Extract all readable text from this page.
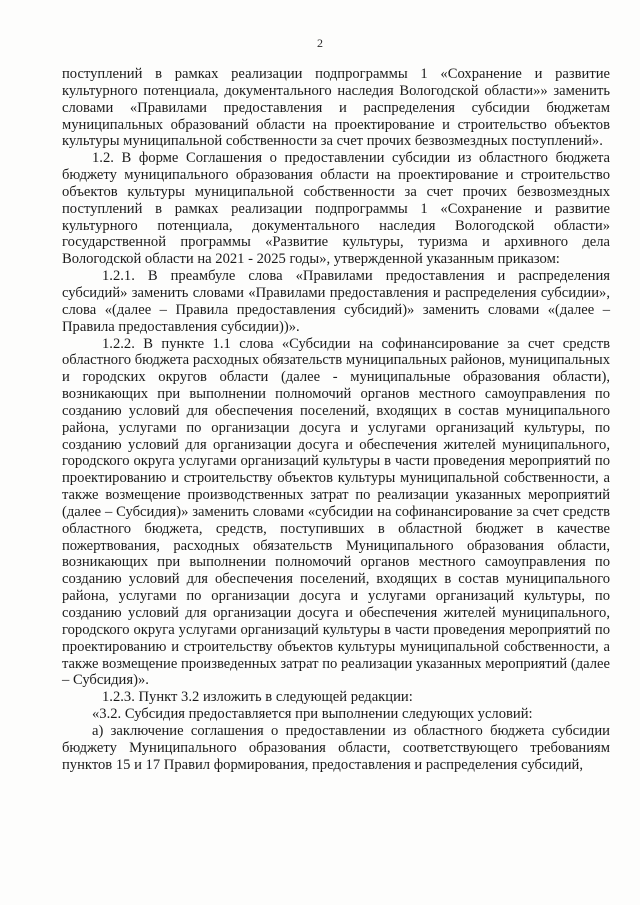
2

поступлений в рамках реализации подпрограммы 1 «Сохранение и развитие культурного потенциала, документального наследия Вологодской области»» заменить словами «Правилами предоставления и распределения субсидии бюджетам муниципальных образований области на проектирование и строительство объектов культуры муниципальной собственности за счет прочих безвозмездных поступлений».

1.2. В форме Соглашения о предоставлении субсидии из областного бюджета бюджету муниципального образования области на проектирование и строительство объектов культуры муниципальной собственности за счет прочих безвозмездных поступлений в рамках реализации подпрограммы 1 «Сохранение и развитие культурного потенциала, документального наследия Вологодской области» государственной программы «Развитие культуры, туризма и архивного дела Вологодской области на 2021 - 2025 годы», утвержденной указанным приказом:

1.2.1. В преамбуле слова «Правилами предоставления и распределения субсидий» заменить словами «Правилами предоставления и распределения субсидии», слова «(далее – Правила предоставления субсидий)» заменить словами «(далее – Правила предоставления субсидии))».

1.2.2. В пункте 1.1 слова «Субсидии на софинансирование за счет средств областного бюджета расходных обязательств муниципальных районов, муниципальных и городских округов области (далее - муниципальные образования области), возникающих при выполнении полномочий органов местного самоуправления по созданию условий для обеспечения поселений, входящих в состав муниципального района, услугами по организации досуга и услугами организаций культуры, по созданию условий для организации досуга и обеспечения жителей муниципального, городского округа услугами организаций культуры в части проведения мероприятий по проектированию и строительству объектов культуры муниципальной собственности, а также возмещение производственных затрат по реализации указанных мероприятий (далее – Субсидия)» заменить словами «субсидии на софинансирование за счет средств областного бюджета, средств, поступивших в областной бюджет в качестве пожертвования, расходных обязательств Муниципального образования области, возникающих при выполнении полномочий органов местного самоуправления по созданию условий для обеспечения поселений, входящих в состав муниципального района, услугами по организации досуга и услугами организаций культуры, по созданию условий для организации досуга и обеспечения жителей муниципального, городского округа услугами организаций культуры в части проведения мероприятий по проектированию и строительству объектов культуры муниципальной собственности, а также возмещение произведенных затрат по реализации указанных мероприятий (далее – Субсидия)».

1.2.3. Пункт 3.2 изложить в следующей редакции:

«3.2. Субсидия предоставляется при выполнении следующих условий:

а) заключение соглашения о предоставлении из областного бюджета субсидии бюджету Муниципального образования области, соответствующего требованиям пунктов 15 и 17 Правил формирования, предоставления и распределения субсидий,
